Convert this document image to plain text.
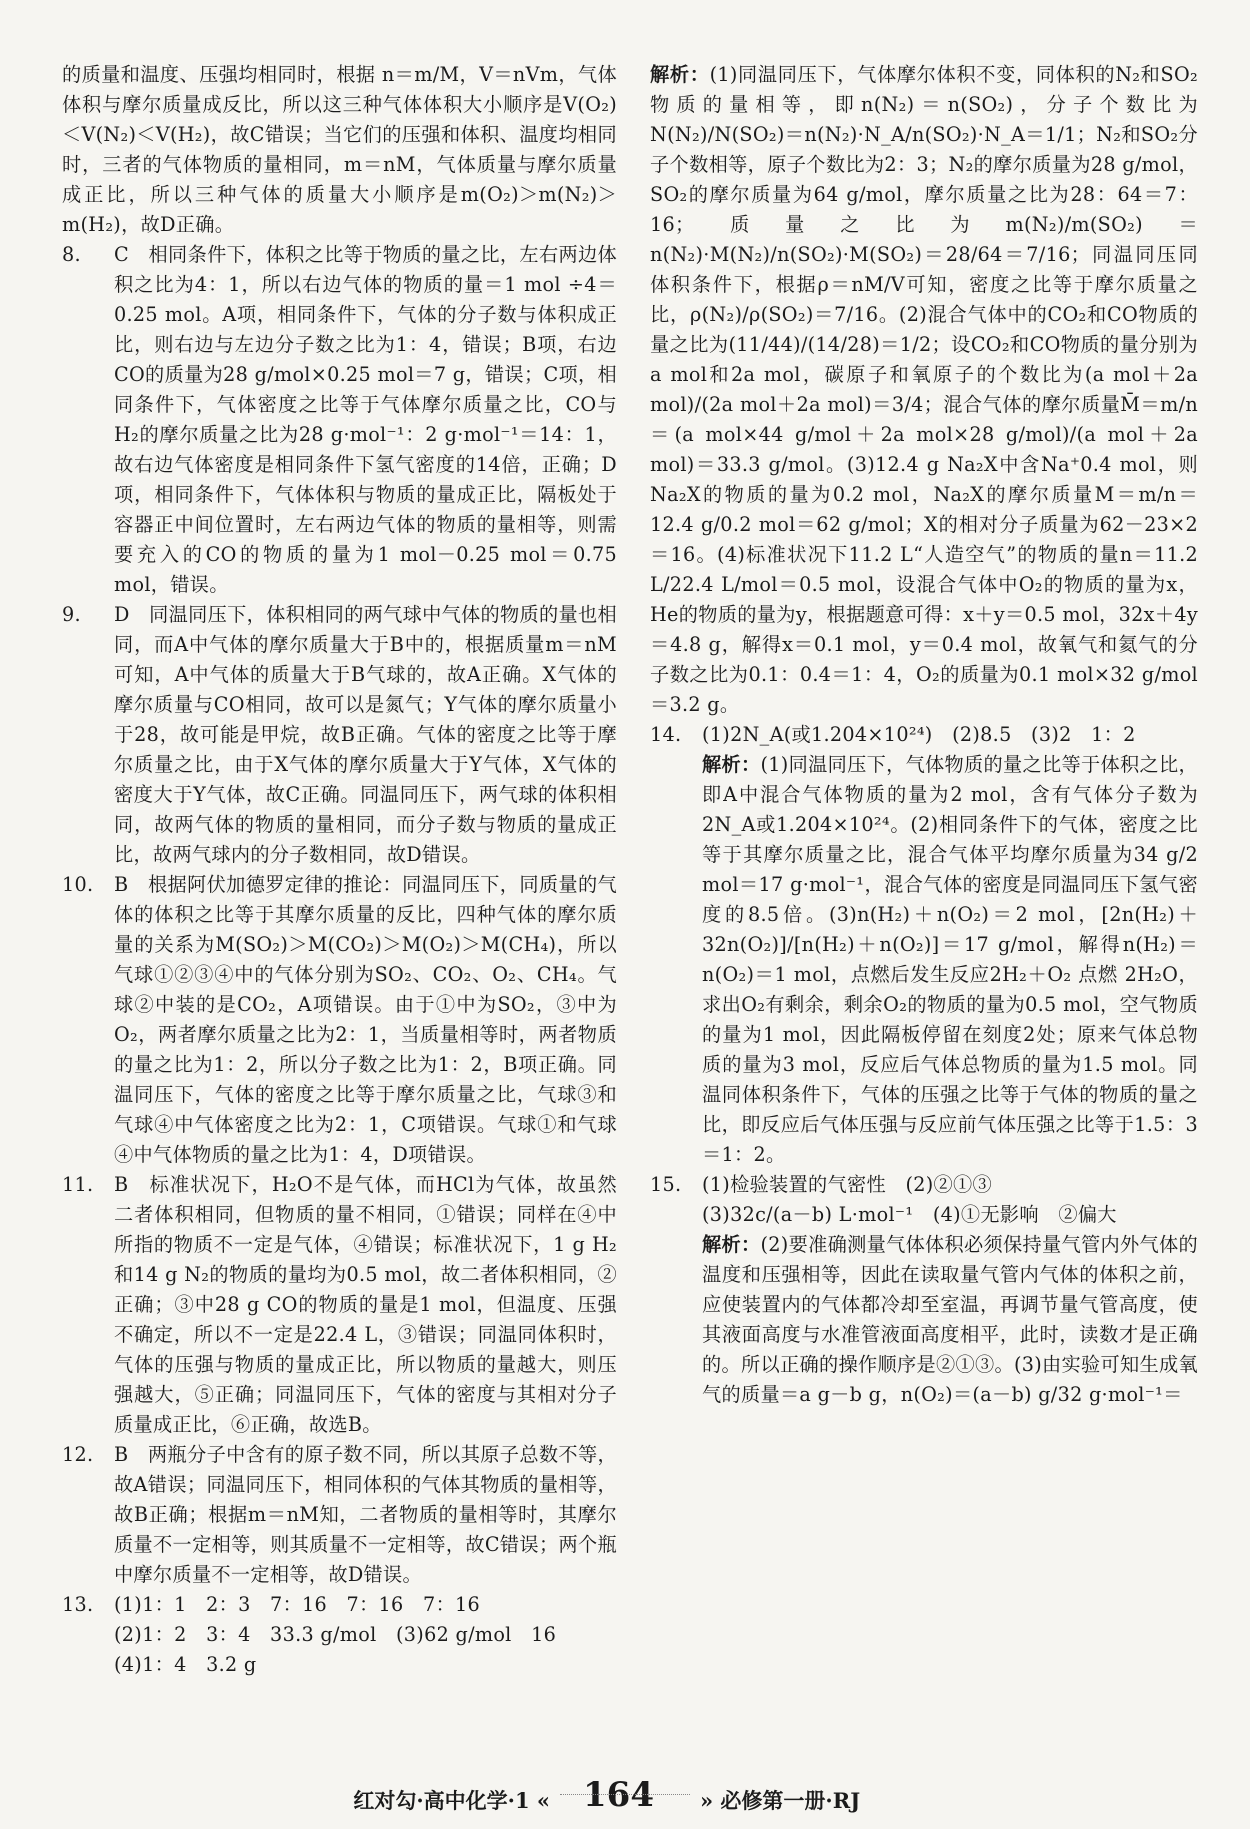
的质量和温度、压强均相同时，根据 n＝m/M，V＝nVm，气体体积与摩尔质量成反比，所以这三种气体体积大小顺序是V(O₂)＜V(N₂)＜V(H₂)，故C错误；当它们的压强和体积、温度均相同时，三者的气体物质的量相同，m＝nM，气体质量与摩尔质量成正比，所以三种气体的质量大小顺序是m(O₂)＞m(N₂)＞m(H₂)，故D正确。

8.	C　相同条件下，体积之比等于物质的量之比，左右两边体积之比为4：1，所以右边气体的物质的量＝1 mol ÷4＝0.25 mol。A项，相同条件下，气体的分子数与体积成正比，则右边与左边分子数之比为1：4，错误；B项，右边CO的质量为28 g/mol×0.25 mol＝7 g，错误；C项，相同条件下，气体密度之比等于气体摩尔质量之比，CO与H₂的摩尔质量之比为28 g·mol⁻¹：2 g·mol⁻¹＝14：1，故右边气体密度是相同条件下氢气密度的14倍，正确；D项，相同条件下，气体体积与物质的量成正比，隔板处于容器正中间位置时，左右两边气体的物质的量相等，则需要充入的CO的物质的量为1 mol－0.25 mol＝0.75 mol，错误。
9.	D　同温同压下，体积相同的两气球中气体的物质的量也相同，而A中气体的摩尔质量大于B中的，根据质量m＝nM可知，A中气体的质量大于B气球的，故A正确。X气体的摩尔质量与CO相同，故可以是氮气；Y气体的摩尔质量小于28，故可能是甲烷，故B正确。气体的密度之比等于摩尔质量之比，由于X气体的摩尔质量大于Y气体，X气体的密度大于Y气体，故C正确。同温同压下，两气球的体积相同，故两气体的物质的量相同，而分子数与物质的量成正比，故两气球内的分子数相同，故D错误。
10.	B　根据阿伏加德罗定律的推论：同温同压下，同质量的气体的体积之比等于其摩尔质量的反比，四种气体的摩尔质量的关系为M(SO₂)＞M(CO₂)＞M(O₂)＞M(CH₄)，所以气球①②③④中的气体分别为SO₂、CO₂、O₂、CH₄。气球②中装的是CO₂，A项错误。由于①中为SO₂，③中为O₂，两者摩尔质量之比为2：1，当质量相等时，两者物质的量之比为1：2，所以分子数之比为1：2，B项正确。同温同压下，气体的密度之比等于摩尔质量之比，气球③和气球④中气体密度之比为2：1，C项错误。气球①和气球④中气体物质的量之比为1：4，D项错误。
11.	B　标准状况下，H₂O不是气体，而HCl为气体，故虽然二者体积相同，但物质的量不相同，①错误；同样在④中所指的物质不一定是气体，④错误；标准状况下，1 g H₂和14 g N₂的物质的量均为0.5 mol，故二者体积相同，②正确；③中28 g CO的物质的量是1 mol，但温度、压强不确定，所以不一定是22.4 L，③错误；同温同体积时，气体的压强与物质的量成正比，所以物质的量越大，则压强越大，⑤正确；同温同压下，气体的密度与其相对分子质量成正比，⑥正确，故选B。
12.	B　两瓶分子中含有的原子数不同，所以其原子总数不等，故A错误；同温同压下，相同体积的气体其物质的量相等，故B正确；根据m＝nM知，二者物质的量相等时，其摩尔质量不一定相等，则其质量不一定相等，故C错误；两个瓶中摩尔质量不一定相等，故D错误。
13.	(1)1：1　2：3　7：16　7：16　7：16

(2)1：2　3：4　33.3 g/mol　(3)62 g/mol　16

(4)1：4　3.2 g

解析：(1)同温同压下，气体摩尔体积不变，同体积的N₂和SO₂物质的量相等，即n(N₂)＝n(SO₂)，分子个数比为N(N₂)/N(SO₂)＝n(N₂)·N_A/n(SO₂)·N_A＝1/1；N₂和SO₂分子个数相等，原子个数比为2：3；N₂的摩尔质量为28 g/mol，SO₂的摩尔质量为64 g/mol，摩尔质量之比为28：64＝7：16；质量之比为m(N₂)/m(SO₂)＝n(N₂)·M(N₂)/n(SO₂)·M(SO₂)＝28/64＝7/16；同温同压同体积条件下，根据ρ＝nM/V可知，密度之比等于摩尔质量之比，ρ(N₂)/ρ(SO₂)＝7/16。(2)混合气体中的CO₂和CO物质的量之比为(11/44)/(14/28)＝1/2；设CO₂和CO物质的量分别为a mol和2a mol，碳原子和氧原子的个数比为(a mol＋2a mol)/(2a mol＋2a mol)＝3/4；混合气体的摩尔质量M̄＝m/n＝(a mol×44 g/mol＋2a mol×28 g/mol)/(a mol＋2a mol)＝33.3 g/mol。(3)12.4 g Na₂X中含Na⁺0.4 mol，则Na₂X的物质的量为0.2 mol，Na₂X的摩尔质量M＝m/n＝12.4 g/0.2 mol＝62 g/mol；X的相对分子质量为62－23×2＝16。(4)标准状况下11.2 L“人造空气”的物质的量n＝11.2 L/22.4 L/mol＝0.5 mol，设混合气体中O₂的物质的量为x，He的物质的量为y，根据题意可得：x＋y＝0.5 mol，32x＋4y＝4.8 g，解得x＝0.1 mol，y＝0.4 mol，故氧气和氦气的分子数之比为0.1：0.4＝1：4，O₂的质量为0.1 mol×32 g/mol＝3.2 g。

14.	(1)2N_A(或1.204×10²⁴)　(2)8.5　(3)2　1：2

解析：(1)同温同压下，气体物质的量之比等于体积之比，即A中混合气体物质的量为2 mol，含有气体分子数为2N_A或1.204×10²⁴。(2)相同条件下的气体，密度之比等于其摩尔质量之比，混合气体平均摩尔质量为34 g/2 mol＝17 g·mol⁻¹，混合气体的密度是同温同压下氢气密度的8.5倍。(3)n(H₂)＋n(O₂)＝2 mol，[2n(H₂)＋32n(O₂)]/[n(H₂)＋n(O₂)]＝17 g/mol，解得n(H₂)＝n(O₂)＝1 mol，点燃后发生反应2H₂＋O₂ 点燃 2H₂O，求出O₂有剩余，剩余O₂的物质的量为0.5 mol，空气物质的量为1 mol，因此隔板停留在刻度2处；原来气体总物质的量为3 mol，反应后气体总物质的量为1.5 mol。同温同体积条件下，气体的压强之比等于气体的物质的量之比，即反应后气体压强与反应前气体压强之比等于1.5：3＝1：2。

15.	(1)检验装置的气密性　(2)②①③

(3)32c/(a－b) L·mol⁻¹　(4)①无影响　②偏大

解析：(2)要准确测量气体体积必须保持量气管内外气体的温度和压强相等，因此在读取量气管内气体的体积之前，应使装置内的气体都冷却至室温，再调节量气管高度，使其液面高度与水准管液面高度相平，此时，读数才是正确的。所以正确的操作顺序是②①③。(3)由实验可知生成氧气的质量＝a g－b g，n(O₂)＝(a－b) g/32 g·mol⁻¹＝

红对勾·高中化学·1 « 164 » 必修第一册·RJ
